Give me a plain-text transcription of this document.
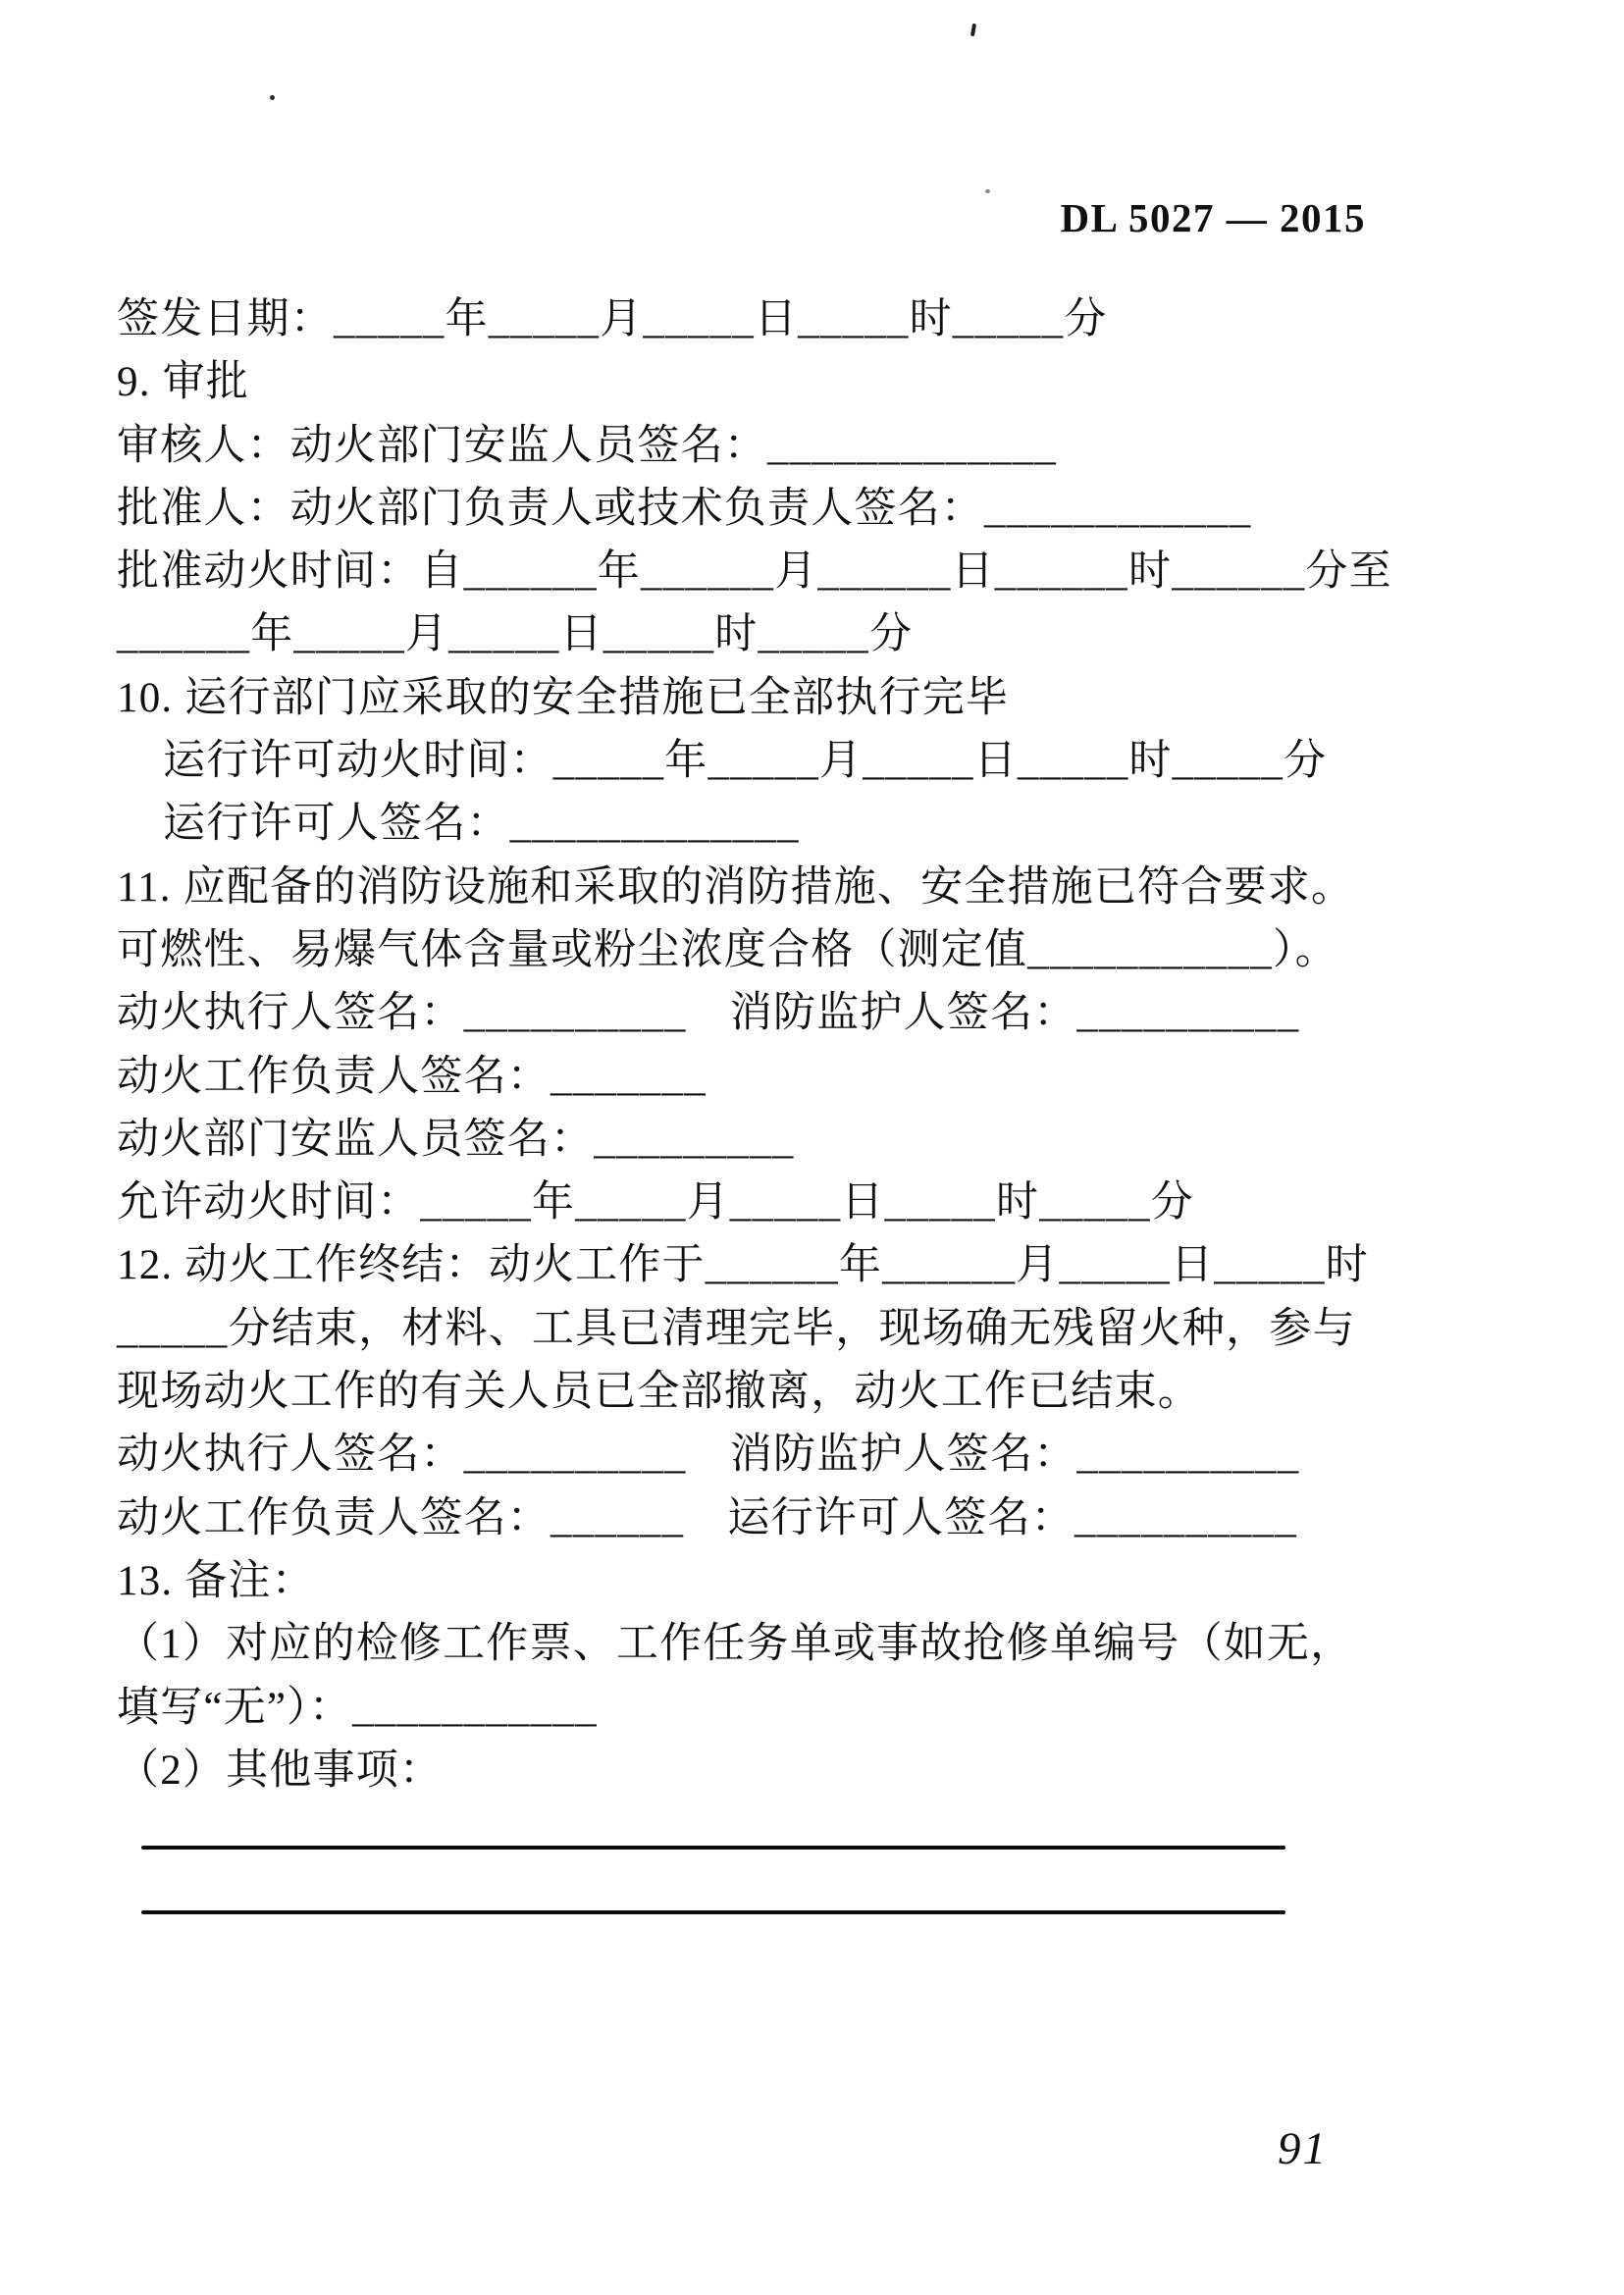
DL 5027 — 2015
签发日期：_____年_____月_____日_____时_____分
9. 审批
审核人：动火部门安监人员签名：_____________
批准人：动火部门负责人或技术负责人签名：____________
批准动火时间：自______年______月______日______时______分至
______年_____月_____日_____时_____分
10. 运行部门应采取的安全措施已全部执行完毕
运行许可动火时间：_____年_____月_____日_____时_____分
运行许可人签名：_____________
11. 应配备的消防设施和采取的消防措施、安全措施已符合要求。
可燃性、易爆气体含量或粉尘浓度合格（测定值___________）。
动火执行人签名：__________　消防监护人签名：__________
动火工作负责人签名：_______
动火部门安监人员签名：_________
允许动火时间：_____年_____月_____日_____时_____分
12. 动火工作终结：动火工作于______年______月_____日_____时
_____分结束，材料、工具已清理完毕，现场确无残留火种，参与
现场动火工作的有关人员已全部撤离，动火工作已结束。
动火执行人签名：__________　消防监护人签名：__________
动火工作负责人签名：______　运行许可人签名：__________
13. 备注：
（1）对应的检修工作票、工作任务单或事故抢修单编号（如无，
填写“无”）：___________
（2）其他事项：
91
